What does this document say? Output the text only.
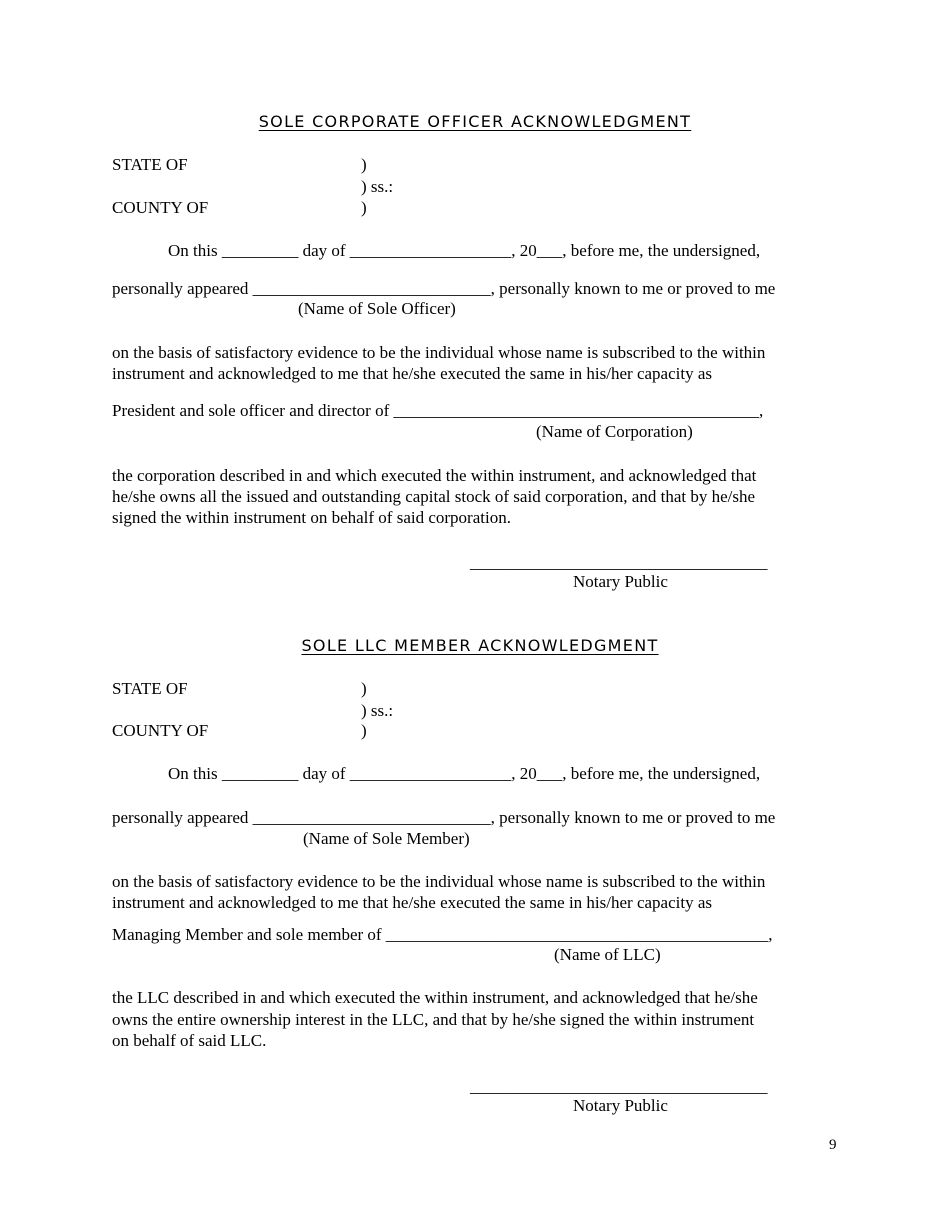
SOLE CORPORATE OFFICER ACKNOWLEDGMENT
STATE OF	)
) ss.:
COUNTY OF	)
On this _________ day of ___________________, 20___, before me, the undersigned,
personally appeared ____________________________, personally known to me or proved to me
(Name of Sole Officer)
on the basis of satisfactory evidence to be the individual whose name is subscribed to the within
instrument and acknowledged to me that he/she executed the same in his/her capacity as
President and sole officer and director of ___________________________________________,
(Name of Corporation)
the corporation described in and which executed the within instrument, and acknowledged that
he/she owns all the issued and outstanding capital stock of said corporation, and that by he/she
signed the within instrument on behalf of said corporation.
___________________________________
Notary Public
SOLE LLC MEMBER ACKNOWLEDGMENT
STATE OF	)
) ss.:
COUNTY OF	)
On this _________ day of ___________________, 20___, before me, the undersigned,
personally appeared ____________________________, personally known to me or proved to me
(Name of Sole Member)
on the basis of satisfactory evidence to be the individual whose name is subscribed to the within
instrument and acknowledged to me that he/she executed the same in his/her capacity as
Managing Member and sole member of _____________________________________________,
(Name of LLC)
the LLC described in and which executed the within instrument, and acknowledged that he/she
owns the entire ownership interest in the LLC, and that by he/she signed the within instrument
on behalf of said LLC.
___________________________________
Notary Public
9
